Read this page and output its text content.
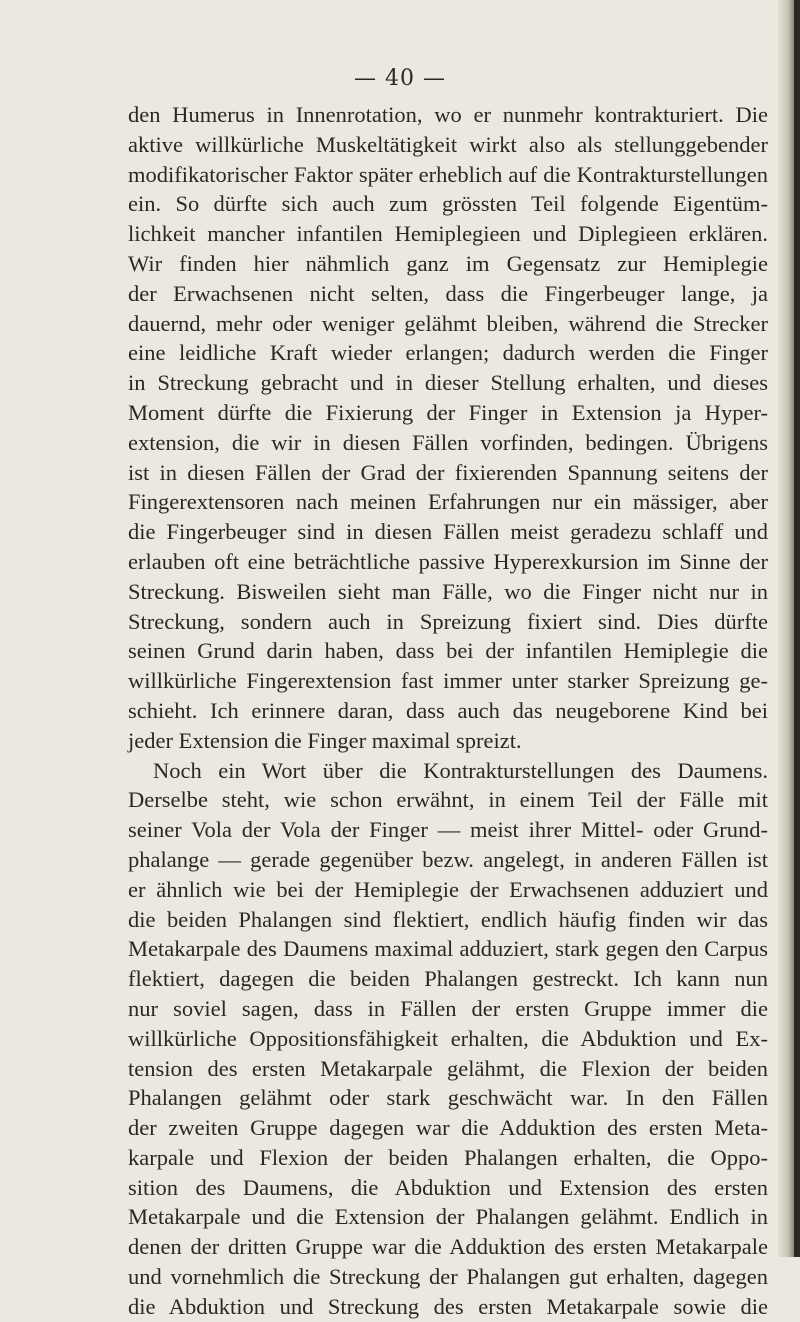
— 40 —
den Humerus in Innenrotation, wo er nunmehr kontrakturiert. Die
aktive willkürliche Muskeltätigkeit wirkt also als stellunggebender
modifikatorischer Faktor später erheblich auf die Kontrakturstellungen
ein. So dürfte sich auch zum grössten Teil folgende Eigentüm-
lichkeit mancher infantilen Hemiplegieen und Diplegieen erklären.
Wir finden hier nähmlich ganz im Gegensatz zur Hemiplegie
der Erwachsenen nicht selten, dass die Fingerbeuger lange, ja
dauernd, mehr oder weniger gelähmt bleiben, während die Strecker
eine leidliche Kraft wieder erlangen; dadurch werden die Finger
in Streckung gebracht und in dieser Stellung erhalten, und dieses
Moment dürfte die Fixierung der Finger in Extension ja Hyper-
extension, die wir in diesen Fällen vorfinden, bedingen. Übrigens
ist in diesen Fällen der Grad der fixierenden Spannung seitens der
Fingerextensoren nach meinen Erfahrungen nur ein mässiger, aber
die Fingerbeuger sind in diesen Fällen meist geradezu schlaff und
erlauben oft eine beträchtliche passive Hyperexkursion im Sinne der
Streckung. Bisweilen sieht man Fälle, wo die Finger nicht nur in
Streckung, sondern auch in Spreizung fixiert sind. Dies dürfte
seinen Grund darin haben, dass bei der infantilen Hemiplegie die
willkürliche Fingerextension fast immer unter starker Spreizung ge-
schieht. Ich erinnere daran, dass auch das neugeborene Kind bei
jeder Extension die Finger maximal spreizt.
Noch ein Wort über die Kontrakturstellungen des Daumens.
Derselbe steht, wie schon erwähnt, in einem Teil der Fälle mit
seiner Vola der Vola der Finger — meist ihrer Mittel- oder Grund-
phalange — gerade gegenüber bezw. angelegt, in anderen Fällen ist
er ähnlich wie bei der Hemiplegie der Erwachsenen adduziert und
die beiden Phalangen sind flektiert, endlich häufig finden wir das
Metakarpale des Daumens maximal adduziert, stark gegen den Carpus
flektiert, dagegen die beiden Phalangen gestreckt. Ich kann nun
nur soviel sagen, dass in Fällen der ersten Gruppe immer die
willkürliche Oppositionsfähigkeit erhalten, die Abduktion und Ex-
tension des ersten Metakarpale gelähmt, die Flexion der beiden
Phalangen gelähmt oder stark geschwächt war. In den Fällen
der zweiten Gruppe dagegen war die Adduktion des ersten Meta-
karpale und Flexion der beiden Phalangen erhalten, die Oppo-
sition des Daumens, die Abduktion und Extension des ersten
Metakarpale und die Extension der Phalangen gelähmt. Endlich in
denen der dritten Gruppe war die Adduktion des ersten Metakarpale
und vornehmlich die Streckung der Phalangen gut erhalten, dagegen
die Abduktion und Streckung des ersten Metakarpale sowie die
